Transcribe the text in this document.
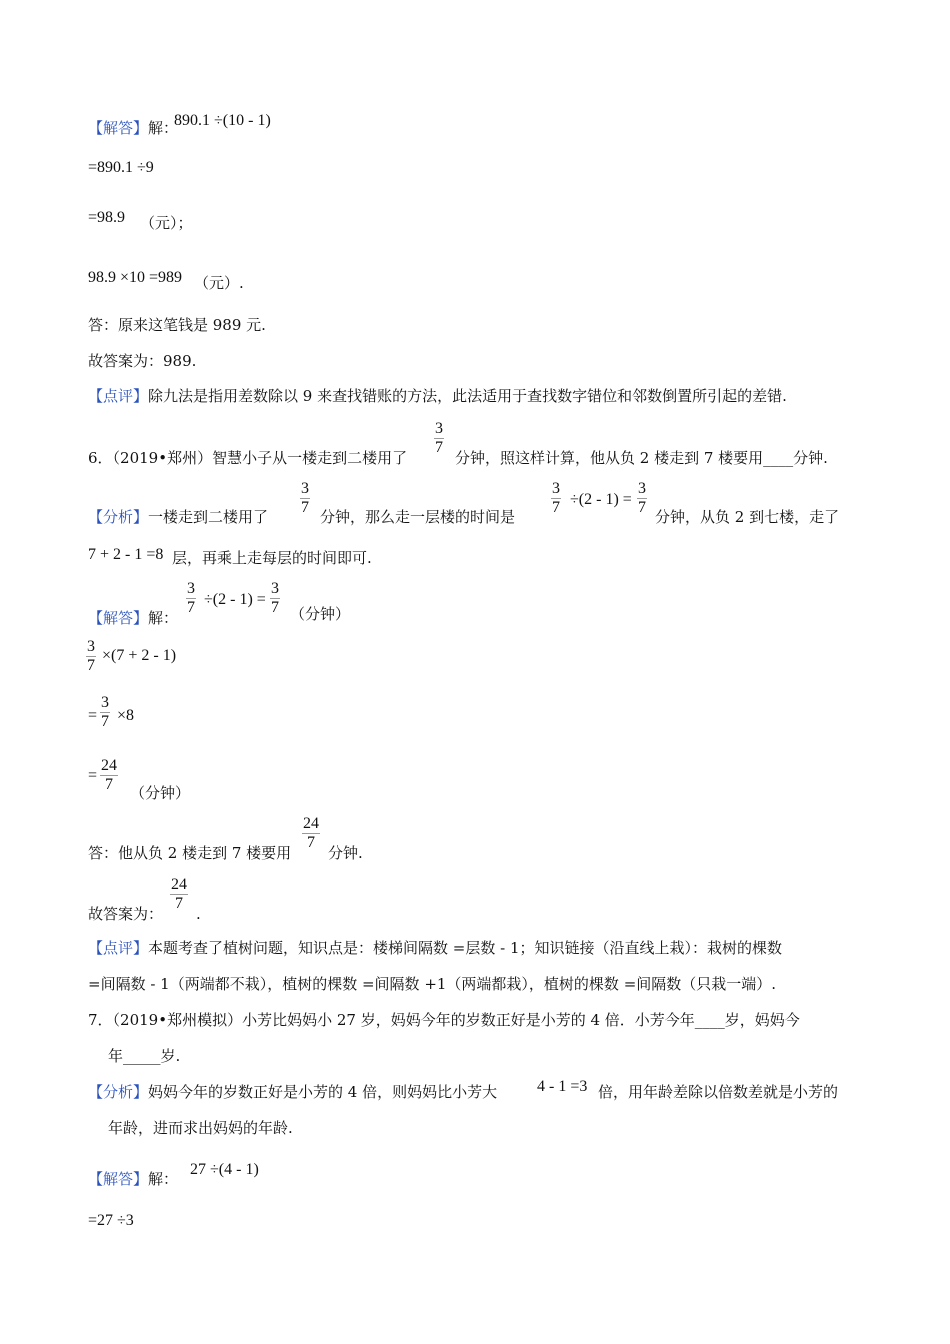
【解答】解：
890.1 ÷(10 - 1)
=890.1 ÷9
=98.9 （元）；
98.9 ×10 =989 （元）.
答：原来这笔钱是 989 元.
故答案为：989.
【点评】除九法是指用差数除以 9 来查找错账的方法，此法适用于查找数字错位和邻数倒置所引起的差错.
6．（2019•郑州）智慧小子从一楼走到二楼用了
3
7
分钟，照这样计算，他从负 2 楼走到 7 楼要用____分钟.
【分析】一楼走到二楼用了
3
7
分钟，那么走一层楼的时间是
3
7 ÷(2 - 1) =
3
7
分钟，从负 2 到七楼，走了
7 + 2 - 1 =8 层，再乘上走每层的时间即可.
【解答】解：
3
7 ÷(2 - 1) =
3
7 （分钟）
3
7
×(7 + 2 - 1)
=
3
7 ×8
=
24
7	（分钟）
答：他从负 2 楼走到 7 楼要用
24
7
分钟.
故答案为：
24
7
.
【点评】本题考查了植树问题，知识点是：楼梯间隔数 =层数 - 1；知识链接（沿直线上栽）：栽树的棵数
=间隔数 - 1（两端都不栽），植树的棵数 =间隔数 +1（两端都栽），植树的棵数 =间隔数（只栽一端）.
7．（2019•郑州模拟）小芳比妈妈小 27 岁，妈妈今年的岁数正好是小芳的 4 倍．小芳今年____岁，妈妈今
年_____岁.
【分析】妈妈今年的岁数正好是小芳的 4 倍，则妈妈比小芳大 4 - 1 =3 倍，用年龄差除以倍数差就是小芳的
年龄，进而求出妈妈的年龄.
【解答】解：
27 ÷(4 - 1)
=27 ÷3
